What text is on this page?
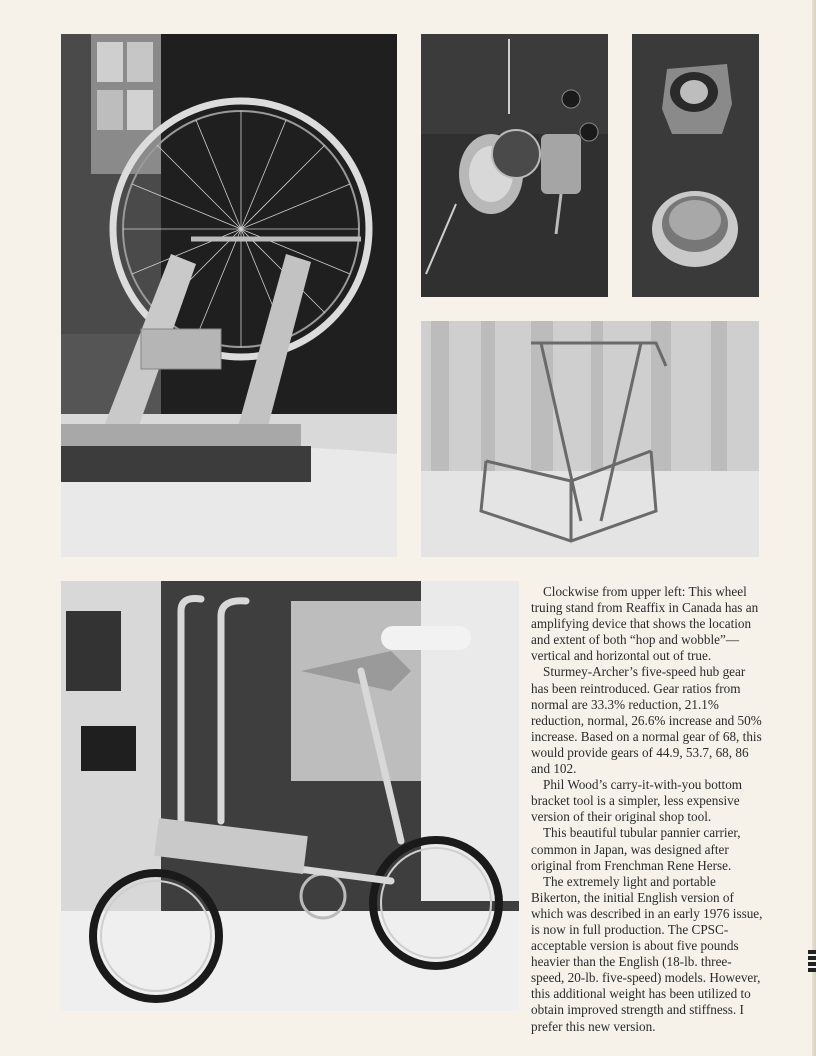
Clockwise from upper left: This wheel truing stand from Reaffix in Canada has an amplifying device that shows the location and extent of both “hop and wobble”—vertical and horizontal out of true.

Sturmey-Archer’s five-speed hub gear has been reintroduced. Gear ratios from normal are 33.3% reduction, 21.1% reduction, normal, 26.6% increase and 50% increase. Based on a normal gear of 68, this would provide gears of 44.9, 53.7, 68, 86 and 102.

Phil Wood’s carry-it-with-you bottom bracket tool is a simpler, less expensive version of their original shop tool.

This beautiful tubular pannier carrier, common in Japan, was designed after original from Frenchman Rene Herse.

The extremely light and portable Bikerton, the initial English version of which was described in an early 1976 issue, is now in full production. The CPSC-acceptable version is about five pounds heavier than the English (18-lb. three-speed, 20-lb. five-speed) models. However, this additional weight has been utilized to obtain improved strength and stiffness. I prefer this new version.
